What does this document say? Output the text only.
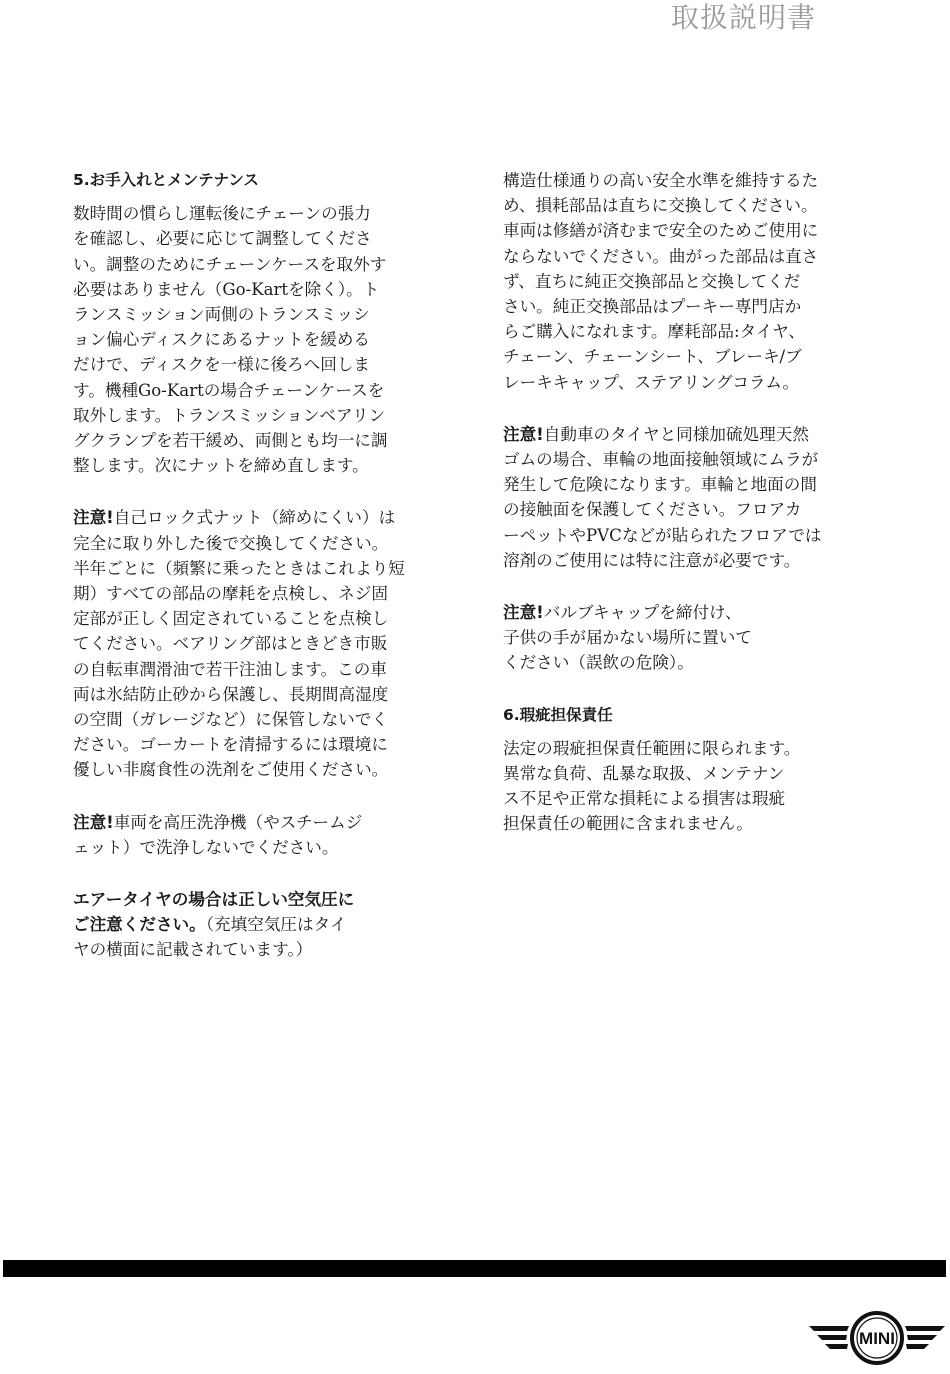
取扱説明書
5.お手入れとメンテナンス
数時間の慣らし運転後にチェーンの張力
を確認し、必要に応じて調整してくださ
い。調整のためにチェーンケースを取外す
必要はありません（Go-Kartを除く）。ト
ランスミッション両側のトランスミッシ
ョン偏心ディスクにあるナットを緩める
だけで、ディスクを一様に後ろへ回しま
す。機種Go-Kartの場合チェーンケースを
取外します。トランスミッションベアリン
グクランプを若干緩め、両側とも均一に調
整します。次にナットを締め直します。
注意!自己ロック式ナット（締めにくい）は
完全に取り外した後で交換してください。
半年ごとに（頻繁に乗ったときはこれより短
期）すべての部品の摩耗を点検し、ネジ固
定部が正しく固定されていることを点検し
てください。ベアリング部はときどき市販
の自転車潤滑油で若干注油します。この車
両は氷結防止砂から保護し、長期間高湿度
の空間（ガレージなど）に保管しないでく
ださい。ゴーカートを清掃するには環境に
優しい非腐食性の洗剤をご使用ください。
注意!車両を高圧洗浄機（やスチームジ
ェット）で洗浄しないでください。
エアータイヤの場合は正しい空気圧に
ご注意ください。（充填空気圧はタイ
ヤの横面に記載されています。）
構造仕様通りの高い安全水準を維持するた
め、損耗部品は直ちに交換してください。
車両は修繕が済むまで安全のためご使用に
ならないでください。曲がった部品は直さ
ず、直ちに純正交換部品と交換してくだ
さい。純正交換部品はプーキー専門店か
らご購入になれます。摩耗部品:タイヤ、
チェーン、チェーンシート、ブレーキ/ブ
レーキキャップ、ステアリングコラム。
注意!自動車のタイヤと同様加硫処理天然
ゴムの場合、車輪の地面接触領域にムラが
発生して危険になります。車輪と地面の間
の接触面を保護してください。フロアカ
ーペットやPVCなどが貼られたフロアでは
溶剤のご使用には特に注意が必要です。
注意!バルブキャップを締付け、
子供の手が届かない場所に置いて
ください（誤飲の危険）。
6.瑕疵担保責任
法定の瑕疵担保責任範囲に限られます。
異常な負荷、乱暴な取扱、メンテナン
ス不足や正常な損耗による損害は瑕疵
担保責任の範囲に含まれません。
MINI
